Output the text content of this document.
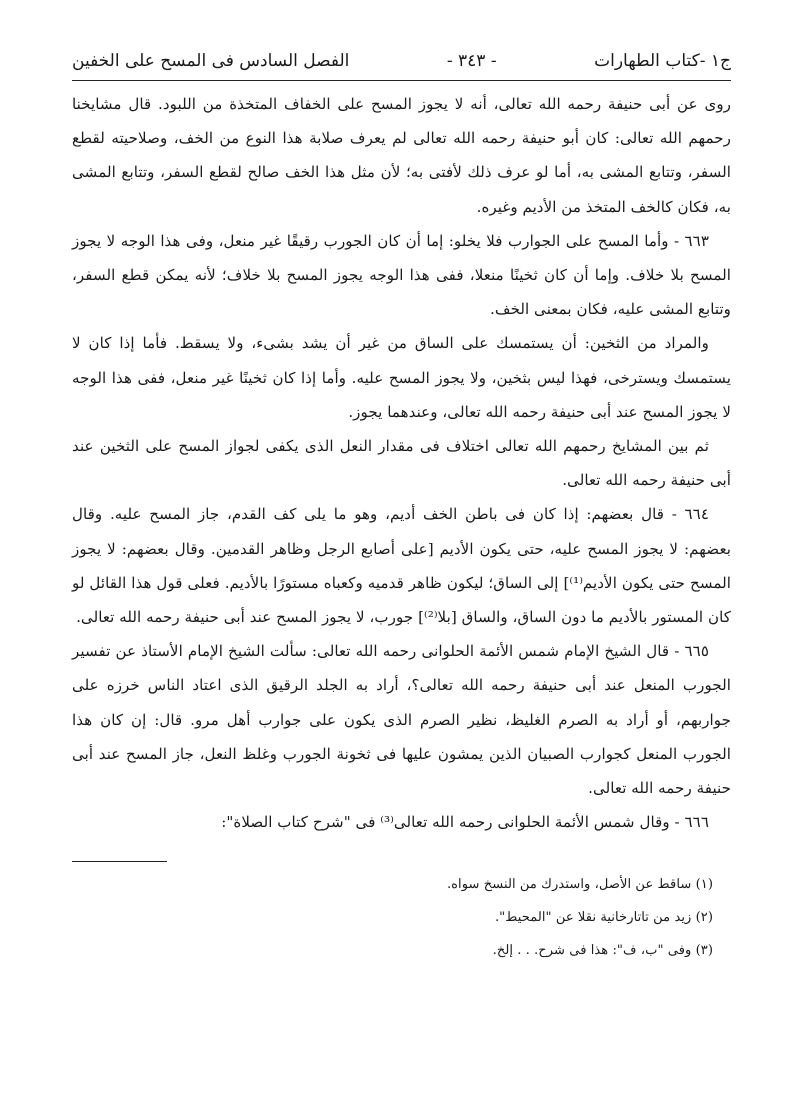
ج١ -كتاب الطهارات
- ٣٤٣ -
الفصل السادس فى المسح على الخفين

روى عن أبى حنيفة رحمه الله تعالى، أنه لا يجوز المسح على الخفاف المتخذة من اللبود. قال مشايخنا رحمهم الله تعالى: كان أبو حنيفة رحمه الله تعالى لم يعرف صلابة هذا النوع من الخف، وصلاحيته لقطع السفر، وتتابع المشى به، أما لو عرف ذلك لأفتى به؛ لأن مثل هذا الخف صالح لقطع السفر، وتتابع المشى به، فكان كالخف المتخذ من الأديم وغيره.

٦٦٣ - وأما المسح على الجوارب فلا يخلو: إما أن كان الجورب رقيقًا غير منعل، وفى هذا الوجه لا يجوز المسح بلا خلاف. وإما أن كان ثخينًا منعلا، ففى هذا الوجه يجوز المسح بلا خلاف؛ لأنه يمكن قطع السفر، وتتابع المشى عليه، فكان بمعنى الخف.

والمراد من الثخين: أن يستمسك على الساق من غير أن يشد بشىء، ولا يسقط. فأما إذا كان لا يستمسك ويسترخى، فهذا ليس بثخين، ولا يجوز المسح عليه. وأما إذا كان ثخينًا غير منعل، ففى هذا الوجه لا يجوز المسح عند أبى حنيفة رحمه الله تعالى، وعندهما يجوز.

ثم بين المشايخ رحمهم الله تعالى اختلاف فى مقدار النعل الذى يكفى لجواز المسح على الثخين عند أبى حنيفة رحمه الله تعالى.

٦٦٤ - قال بعضهم: إذا كان فى باطن الخف أديم، وهو ما يلى كف القدم، جاز المسح عليه. وقال بعضهم: لا يجوز المسح عليه، حتى يكون الأديم [على أصابع الرجل وظاهر القدمين. وقال بعضهم: لا يجوز المسح حتى يكون الأديم⁽¹⁾] إلى الساق؛ ليكون ظاهر قدميه وكعباه مستورًا بالأديم. فعلى قول هذا القائل لو كان المستور بالأديم ما دون الساق، والساق [بلا⁽²⁾] جورب، لا يجوز المسح عند أبى حنيفة رحمه الله تعالى.

٦٦٥ - قال الشيخ الإمام شمس الأئمة الحلوانى رحمه الله تعالى: سألت الشيخ الإمام الأستاذ عن تفسير الجورب المنعل عند أبى حنيفة رحمه الله تعالى؟، أراد به الجلد الرقيق الذى اعتاد الناس خرزه على جواربهم، أو أراد به الصرم الغليظ، نظير الصرم الذى يكون على جوارب أهل مرو. قال: إن كان هذا الجورب المنعل كجوارب الصبيان الذين يمشون عليها فى ثخونة الجورب وغلظ النعل، جاز المسح عند أبى حنيفة رحمه الله تعالى.

٦٦٦ - وقال شمس الأئمة الحلوانى رحمه الله تعالى⁽³⁾ فى "شرح كتاب الصلاة":

(١) ساقط عن الأصل، واستدرك من النسخ سواه.
(٢) زيد من تاتارخانية نقلا عن "المحيط".
(٣) وفى "ب، ف": هذا فى شرح. . . إلخ.
